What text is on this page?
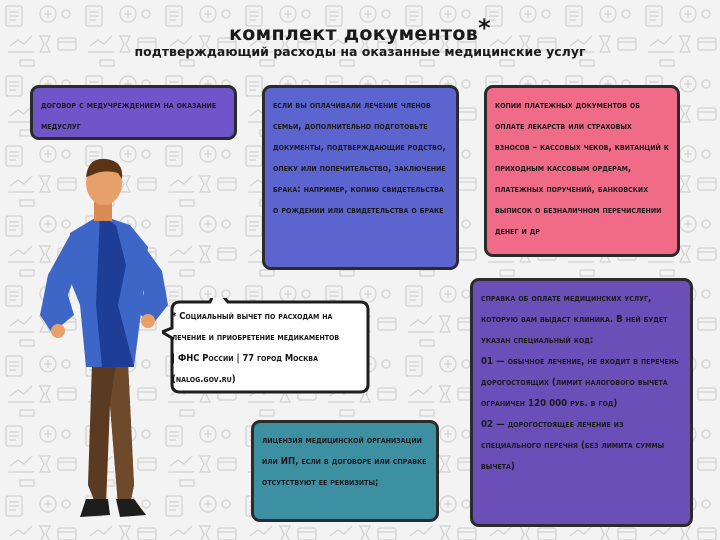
комплект документов*
подтверждающий расходы на оказанные медицинские услуг

договор с медучреждением на оказание медуслуг

если вы оплачивали лечение членов семьи, дополнительно подготовьте документы, подтверждающие родство, опеку или попечительство, заключение брака: например, копию свидетельства о рождении или свидетельства о браке

копии платежных документов об оплате лекарств или страховых взносов – кассовых чеков, квитанций к приходным кассовым ордерам, платежных поручений, банковских выписок о безналичном перечислении денег и др

справка об оплате медицинских услуг, которую вам выдаст клиника. В ней будет указан специальный код:

01 — обычное лечение, не входит в перечень дорогостоящих (лимит налогового вычета ограничен 120 000 руб. в год)

02 — дорогостоящее лечение из специального перечня (без лимита суммы вычета)

лицензия медицинской организации или ИП, если в договоре или справке отсутствуют ее реквизиты;

* Социальный вычет по расходам на лечение и приобретение медикаментов
| ФНС России | 77 город Москва
(nalog.gov.ru)
